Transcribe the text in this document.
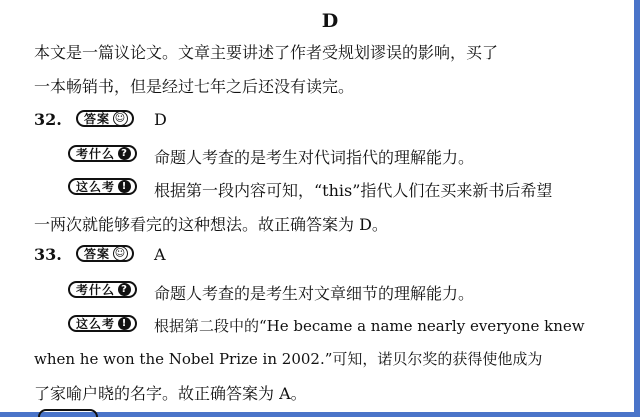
D
本文是一篇议论文。文章主要讲述了作者受规划谬误的影响，买了
一本畅销书，但是经过七年之后还没有读完。
32. 答案 ☺ D
考什么 ? 命题人考查的是考生对代词指代的理解能力。
这么考 ! 根据第一段内容可知，“this”指代人们在买来新书后希望
一两次就能够看完的这种想法。故正确答案为 D。
33. 答案 ☺ A
考什么 ? 命题人考查的是考生对文章细节的理解能力。
这么考 ! 根据第二段中的“He became a name nearly everyone knew
when he won the Nobel Prize in 2002.”可知，诺贝尔奖的获得使他成为
了家喻户晓的名字。故正确答案为 A。
